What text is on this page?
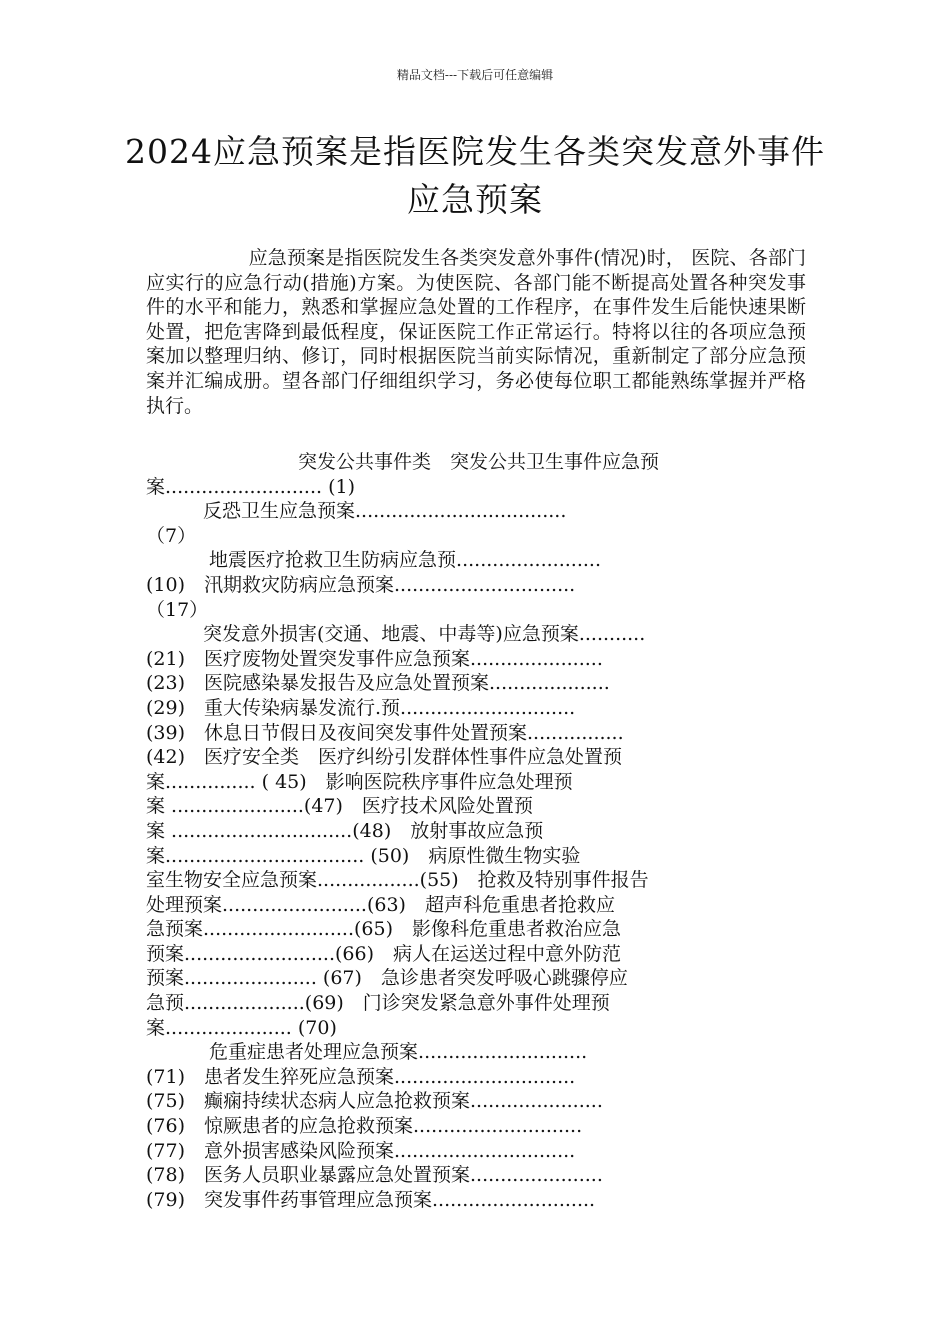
精品文档---下载后可任意编辑
2024应急预案是指医院发生各类突发意外事件应急预案

应急预案是指医院发生各类突发意外事件(情况)时， 医院、各部门应实行的应急行动(措施)方案。为使医院、各部门能不断提高处置各种突发事件的水平和能力，熟悉和掌握应急处置的工作程序，在事件发生后能快速果断处置，把危害降到最低程度，保证医院工作正常运行。特将以往的各项应急预案加以整理归纳、修订，同时根据医院当前实际情况，重新制定了部分应急预案并汇编成册。望各部门仔细组织学习，务必使每位职工都能熟练掌握并严格执行。

　　　　　　　　突发公共事件类　突发公共卫生事件应急预
案.......................... (1)
　　　反恐卫生应急预案...................................
（7）
　　　 地震医疗抢救卫生防病应急预........................
(10)　汛期救灾防病应急预案..............................
（17）
　　　突发意外损害(交通、地震、中毒等)应急预案...........
(21)　医疗废物处置突发事件应急预案......................
(23)　医院感染暴发报告及应急处置预案....................
(29)　重大传染病暴发流行.预.............................
(39)　休息日节假日及夜间突发事件处置预案................
(42)　医疗安全类　医疗纠纷引发群体性事件应急处置预
案............... ( 45)　影响医院秩序事件应急处理预
案 ......................(47)　医疗技术风险处置预
案 ..............................(48)　放射事故应急预
案................................. (50)　病原性微生物实验
室生物安全应急预案.................(55)　抢救及特别事件报告
处理预案........................(63)　超声科危重患者抢救应
急预案.........................(65)　影像科危重患者救治应急
预案.........................(66)　病人在运送过程中意外防范
预案...................... (67)　急诊患者突发呼吸心跳骤停应
急预....................(69)　门诊突发紧急意外事件处理预
案..................... (70)
　　　 危重症患者处理应急预案............................
(71)　患者发生猝死应急预案..............................
(75)　癫痫持续状态病人应急抢救预案......................
(76)　惊厥患者的应急抢救预案............................
(77)　意外损害感染风险预案..............................
(78)　医务人员职业暴露应急处置预案......................
(79)　突发事件药事管理应急预案...........................
